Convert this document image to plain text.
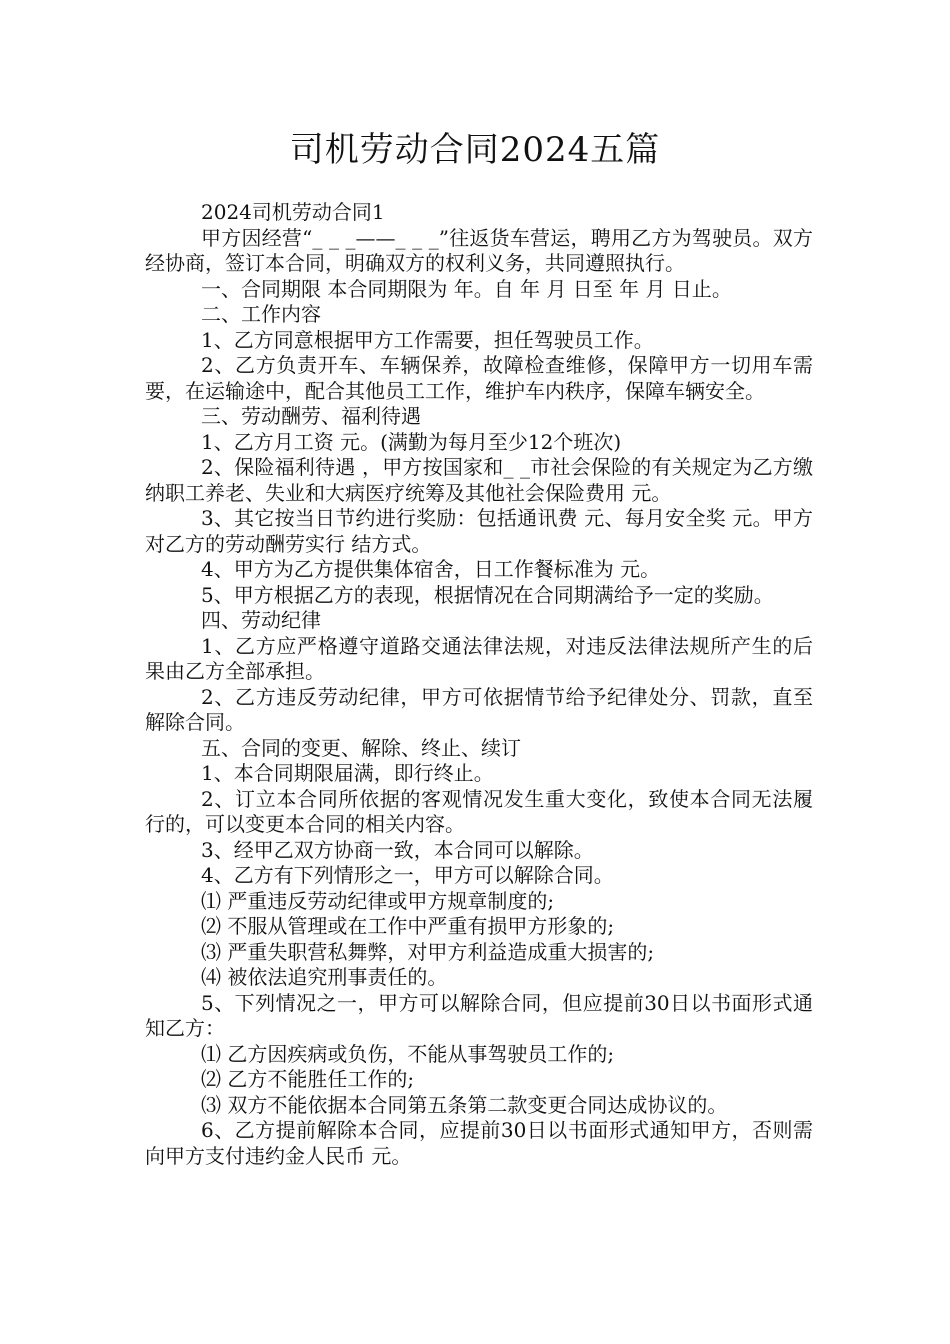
司机劳动合同2024五篇

2024司机劳动合同1

甲方因经营“_ _ _——_ _ _”往返货车营运，聘用乙方为驾驶员。双方经协商，签订本合同，明确双方的权利义务，共同遵照执行。

一、合同期限 本合同期限为 年。自 年 月 日至 年 月 日止。

二、工作内容

1、乙方同意根据甲方工作需要，担任驾驶员工作。

2、乙方负责开车、车辆保养，故障检查维修，保障甲方一切用车需要，在运输途中，配合其他员工工作，维护车内秩序，保障车辆安全。

三、劳动酬劳、福利待遇

1、乙方月工资 元。(满勤为每月至少12个班次)

2、保险福利待遇 ，甲方按国家和_ _市社会保险的有关规定为乙方缴纳职工养老、失业和大病医疗统筹及其他社会保险费用 元。

3、其它按当日节约进行奖励：包括通讯费 元、每月安全奖 元。甲方对乙方的劳动酬劳实行 结方式。

4、甲方为乙方提供集体宿舍，日工作餐标准为 元。

5、甲方根据乙方的表现，根据情况在合同期满给予一定的奖励。

四、劳动纪律

1、乙方应严格遵守道路交通法律法规，对违反法律法规所产生的后果由乙方全部承担。

2、乙方违反劳动纪律，甲方可依据情节给予纪律处分、罚款，直至解除合同。

五、合同的变更、解除、终止、续订

1、本合同期限届满，即行终止。

2、订立本合同所依据的客观情况发生重大变化，致使本合同无法履行的，可以变更本合同的相关内容。

3、经甲乙双方协商一致，本合同可以解除。

4、乙方有下列情形之一，甲方可以解除合同。

⑴ 严重违反劳动纪律或甲方规章制度的;

⑵ 不服从管理或在工作中严重有损甲方形象的;

⑶ 严重失职营私舞弊，对甲方利益造成重大损害的;

⑷ 被依法追究刑事责任的。

5、下列情况之一，甲方可以解除合同，但应提前30日以书面形式通知乙方：

⑴ 乙方因疾病或负伤，不能从事驾驶员工作的;

⑵ 乙方不能胜任工作的;

⑶ 双方不能依据本合同第五条第二款变更合同达成协议的。

6、乙方提前解除本合同，应提前30日以书面形式通知甲方，否则需向甲方支付违约金人民币 元。
